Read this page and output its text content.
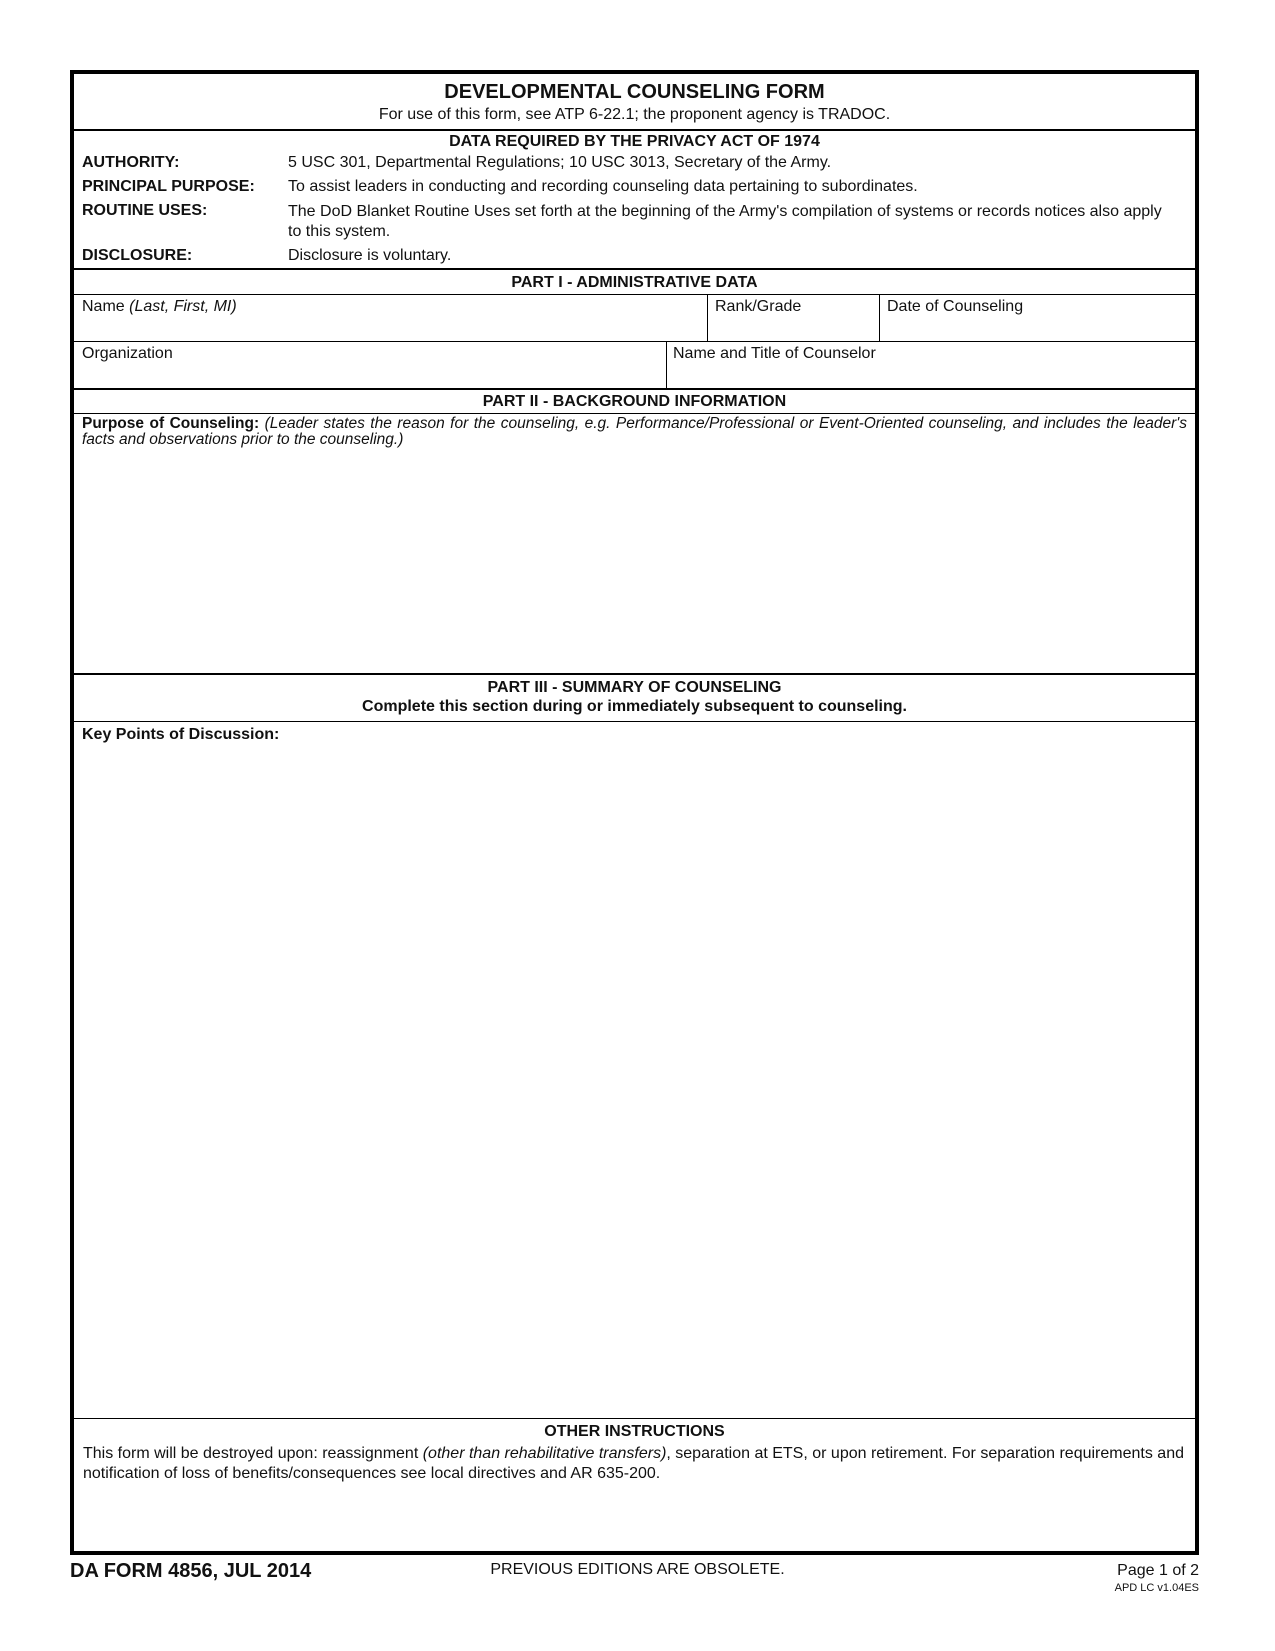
DEVELOPMENTAL COUNSELING FORM
For use of this form, see ATP 6-22.1; the proponent agency is TRADOC.
DATA REQUIRED BY THE PRIVACY ACT OF 1974
AUTHORITY:	5 USC 301, Departmental Regulations; 10 USC 3013, Secretary of the Army.
PRINCIPAL PURPOSE: To assist leaders in conducting and recording counseling data pertaining to subordinates.
ROUTINE USES:	The DoD Blanket Routine Uses set forth at the beginning of the Army's compilation of systems or records notices also apply to this system.
DISCLOSURE:	Disclosure is voluntary.
PART I - ADMINISTRATIVE DATA
Name (Last, First, MI)	Rank/Grade	Date of Counseling
Organization	Name and Title of Counselor
PART II - BACKGROUND INFORMATION
Purpose of Counseling: (Leader states the reason for the counseling, e.g. Performance/Professional or Event-Oriented counseling, and includes the leader's facts and observations prior to the counseling.)
PART III - SUMMARY OF COUNSELING
Complete this section during or immediately subsequent to counseling.
Key Points of Discussion:
OTHER INSTRUCTIONS
This form will be destroyed upon: reassignment (other than rehabilitative transfers), separation at ETS, or upon retirement. For separation requirements and notification of loss of benefits/consequences see local directives and AR 635-200.
DA FORM 4856, JUL 2014	PREVIOUS EDITIONS ARE OBSOLETE.	Page 1 of 2
APD LC v1.04ES
